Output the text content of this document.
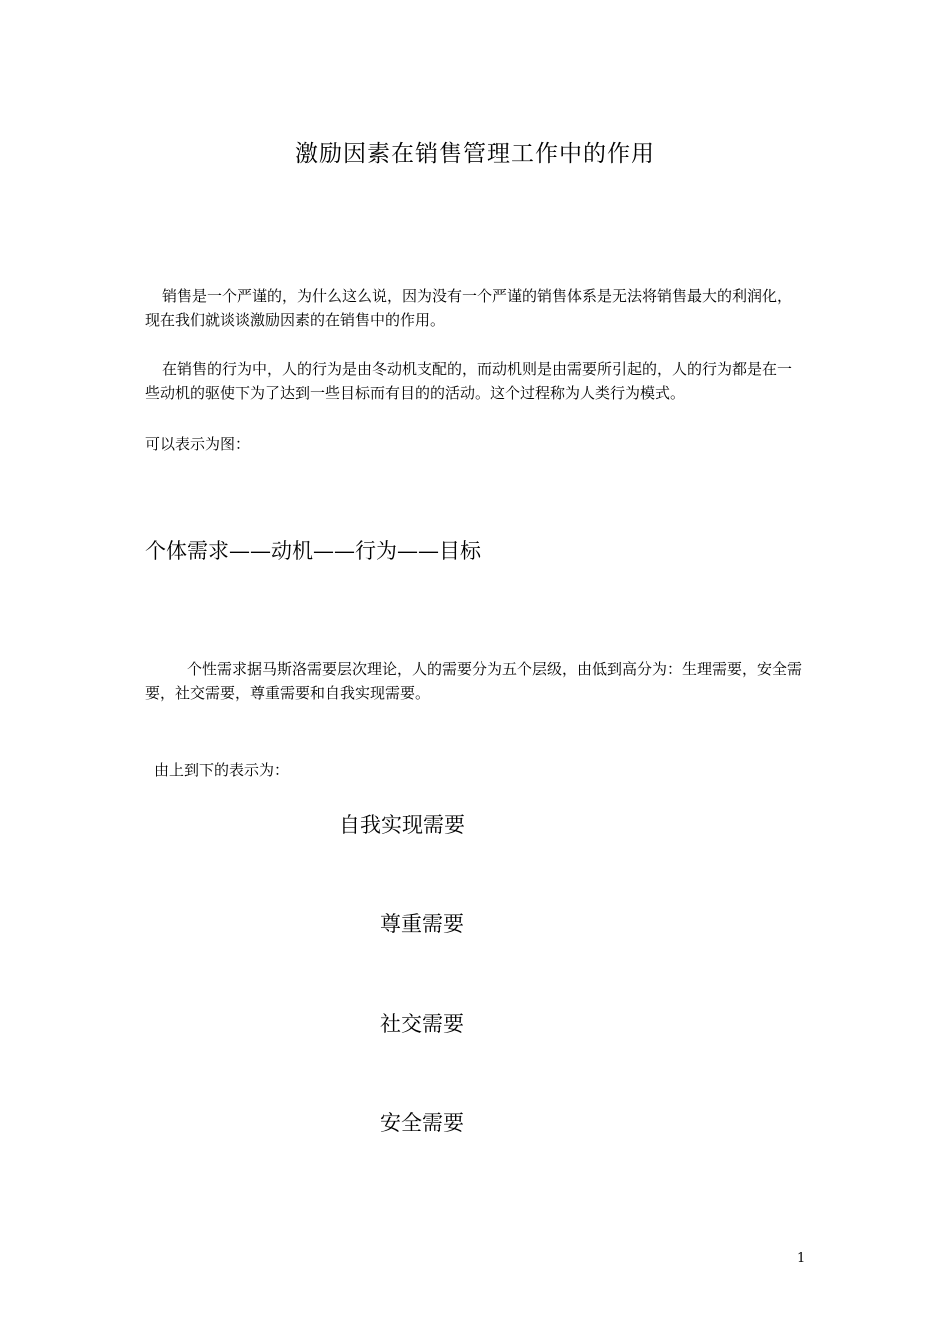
激励因素在销售管理工作中的作用

销售是一个严谨的，为什么这么说，因为没有一个严谨的销售体系是无法将销售最大的利润化，现在我们就谈谈激励因素的在销售中的作用。

在销售的行为中，人的行为是由冬动机支配的，而动机则是由需要所引起的，人的行为都是在一些动机的驱使下为了达到一些目标而有目的的活动。这个过程称为人类行为模式。

可以表示为图：

个体需求——动机——行为——目标

个性需求据马斯洛需要层次理论，人的需要分为五个层级，由低到高分为：生理需要，安全需要，社交需要，尊重需要和自我实现需要。

由上到下的表示为：

自我实现需要
尊重需要
社交需要
安全需要
1
